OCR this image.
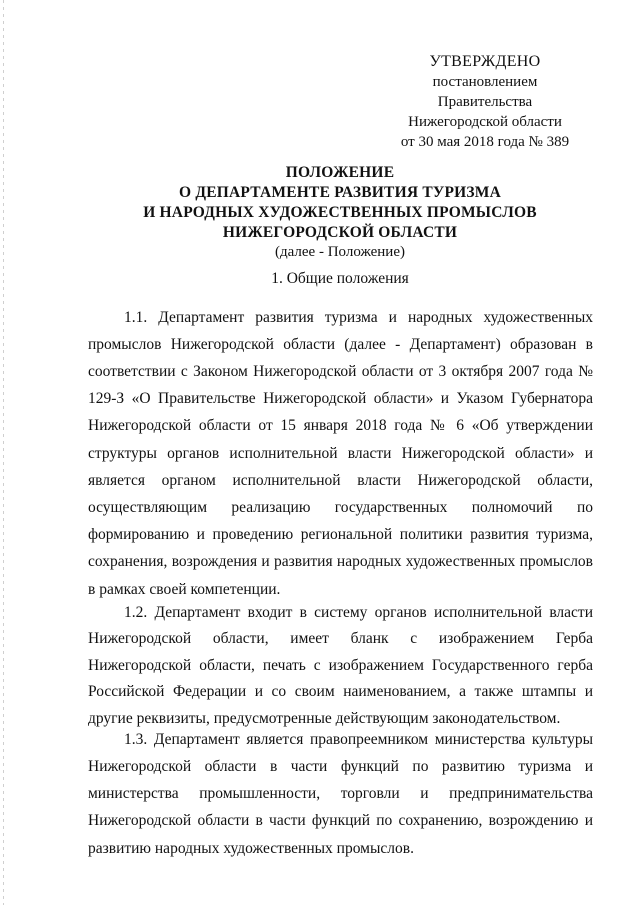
УТВЕРЖДЕНО
постановлением Правительства
Нижегородской области
от 30 мая 2018 года № 389
ПОЛОЖЕНИЕ
О ДЕПАРТАМЕНТЕ РАЗВИТИЯ ТУРИЗМА
И НАРОДНЫХ ХУДОЖЕСТВЕННЫХ ПРОМЫСЛОВ
НИЖЕГОРОДСКОЙ ОБЛАСТИ
(далее - Положение)
1. Общие положения

1.1. Департамент развития туризма и народных художественных промыслов Нижегородской области (далее - Департамент) образован в соответствии с Законом Нижегородской области от 3 октября 2007 года № 129-З «О Правительстве Нижегородской области» и Указом Губернатора Нижегородской области от 15 января 2018 года № 6 «Об утверждении структуры органов исполнительной власти Нижегородской области» и является органом исполнительной власти Нижегородской области, осуществляющим реализацию государственных полномочий по формированию и проведению региональной политики развития туризма, сохранения, возрождения и развития народных художественных промыслов в рамках своей компетенции.

1.2. Департамент входит в систему органов исполнительной власти Нижегородской области, имеет бланк с изображением Герба Нижегородской области, печать с изображением Государственного герба Российской Федерации и со своим наименованием, а также штампы и другие реквизиты, предусмотренные действующим законодательством.

1.3. Департамент является правопреемником министерства культуры Нижегородской области в части функций по развитию туризма и министерства промышленности, торговли и предпринимательства Нижегородской области в части функций по сохранению, возрождению и развитию народных художественных промыслов.
